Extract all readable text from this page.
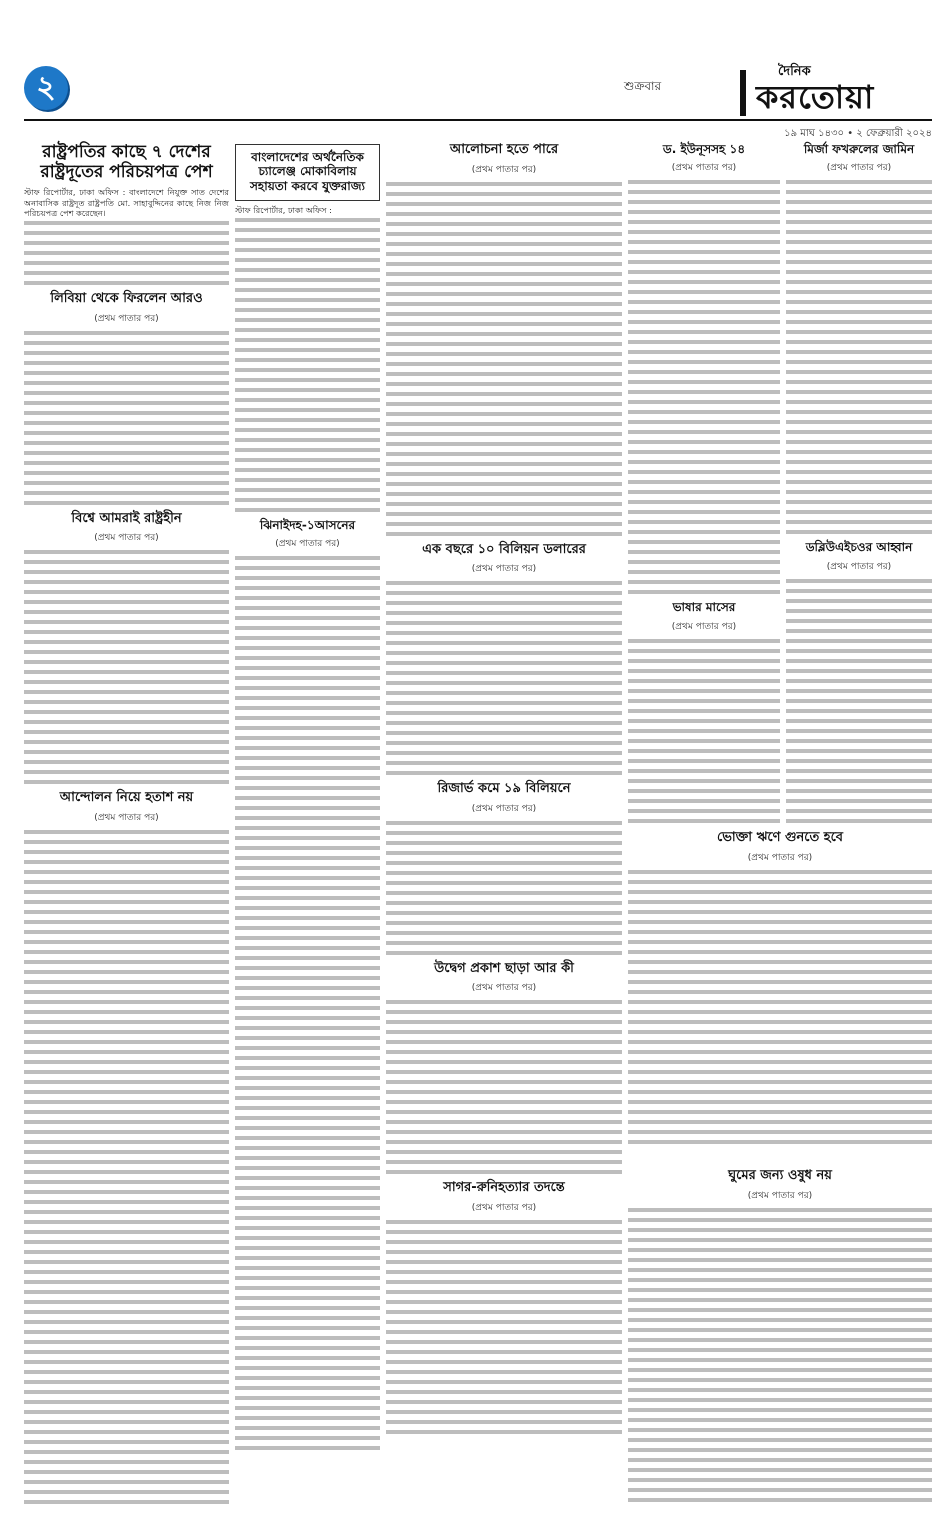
২	শুক্রবার
দৈনিক
করতোয়া
১৯ মাঘ ১৪৩০ • ২ ফেব্রুয়ারী ২০২৪
রাষ্ট্রপতির কাছে ৭ দেশের রাষ্ট্রদূতের পরিচয়পত্র পেশ
স্টাফ রিপোর্টার, ঢাকা অফিস : বাংলাদেশে নিযুক্ত সাত দেশের অনাবাসিক রাষ্ট্রদূত রাষ্ট্রপতি মো. সাহাবুদ্দিনের কাছে নিজ নিজ পরিচয়পত্র পেশ করেছেন।
লিবিয়া থেকে ফিরলেন আরও
(প্রথম পাতার পর)
বিশ্বে আমরাই রাষ্ট্রহীন
(প্রথম পাতার পর)
আন্দোলন নিয়ে হতাশ নয়
(প্রথম পাতার পর)
বাংলাদেশের অর্থনৈতিক চ্যালেঞ্জ মোকাবিলায় সহায়তা করবে যুক্তরাজ্য
স্টাফ রিপোর্টার, ঢাকা অফিস :
ঝিনাইদহ-১আসনের
(প্রথম পাতার পর)
আলোচনা হতে পারে
(প্রথম পাতার পর)
এক বছরে ১০ বিলিয়ন ডলারের
(প্রথম পাতার পর)
রিজার্ভ কমে ১৯ বিলিয়নে
(প্রথম পাতার পর)
উদ্বেগ প্রকাশ ছাড়া আর কী
(প্রথম পাতার পর)
সাগর-রুনিহত্যার তদন্তে
(প্রথম পাতার পর)
ড. ইউনূসসহ ১৪
(প্রথম পাতার পর)
ভাষার মাসের
(প্রথম পাতার পর)
মির্জা ফখরুলের জামিন
(প্রথম পাতার পর)
ডব্লিউএইচওর আহ্বান
(প্রথম পাতার পর)
ভোক্তা ঋণে গুনতে হবে
(প্রথম পাতার পর)
ঘুমের জন্য ওষুধ নয়
(প্রথম পাতার পর)
